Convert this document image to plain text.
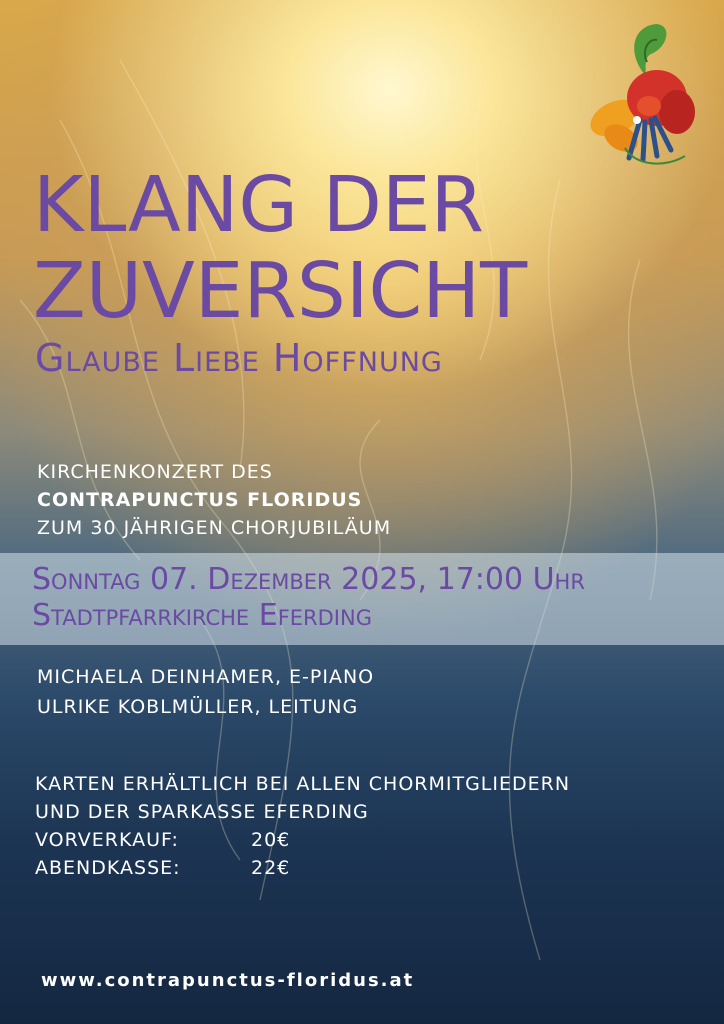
KLANG DER
ZUVERSICHT
Glaube Liebe Hoffnung
KIRCHENKONZERT DES
CONTRAPUNCTUS FLORIDUS
ZUM 30 JÄHRIGEN CHORJUBILÄUM
Sonntag 07. Dezember 2025, 17:00 Uhr
Stadtpfarrkirche Eferding
MICHAELA DEINHAMER, E-PIANO
ULRIKE KOBLMÜLLER, LEITUNG
KARTEN ERHÄLTLICH BEI ALLEN CHORMITGLIEDERN
UND DER SPARKASSE EFERDING
VORVERKAUF:	20€
ABENDKASSE:	22€
www.contrapunctus-floridus.at
